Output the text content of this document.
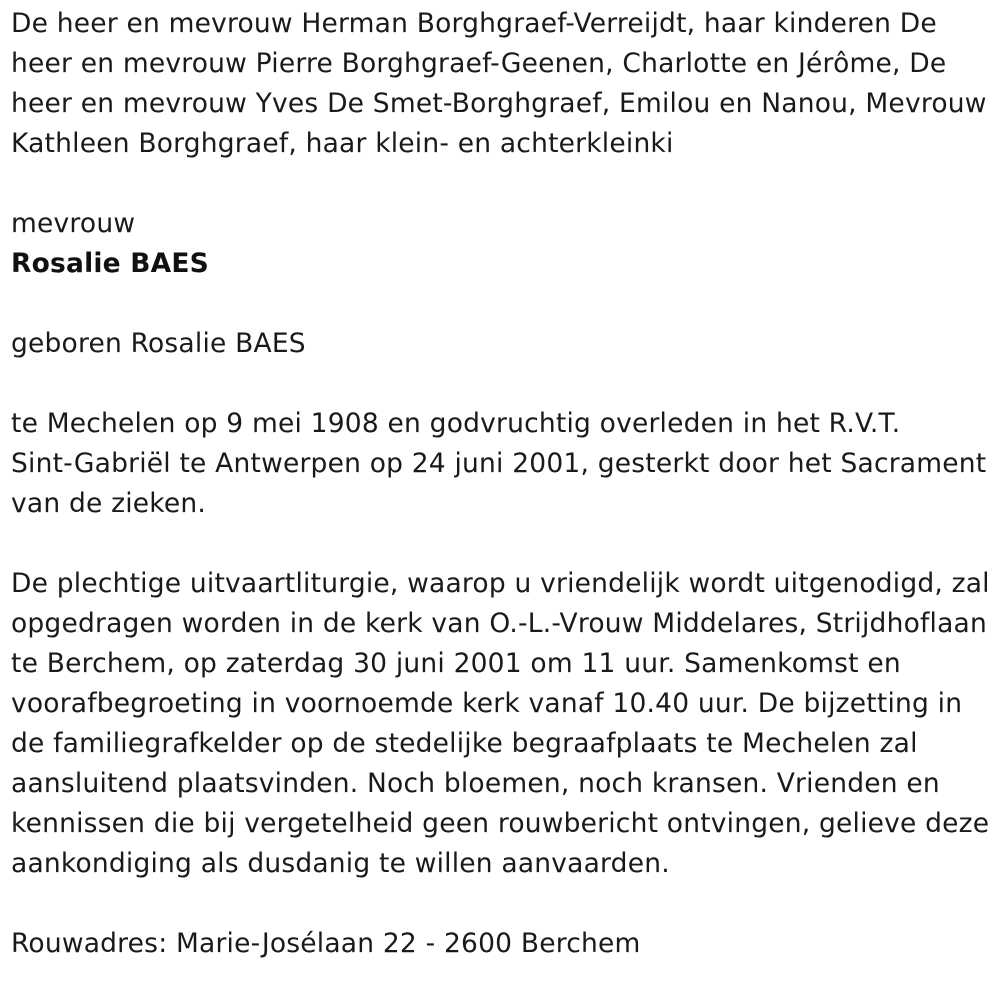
De heer en mevrouw Herman Borghgraef-Verreijdt, haar kinderen De
heer en mevrouw Pierre Borghgraef-Geenen, Charlotte en Jérôme, De
heer en mevrouw Yves De Smet-Borghgraef, Emilou en Nanou, Mevrouw
Kathleen Borghgraef, haar klein- en achterkleinki
mevrouw
Rosalie BAES
geboren Rosalie BAES
te Mechelen op 9 mei 1908 en godvruchtig overleden in het R.V.T.
Sint-Gabriël te Antwerpen op 24 juni 2001, gesterkt door het Sacrament
van de zieken.
De plechtige uitvaartliturgie, waarop u vriendelijk wordt uitgenodigd, zal
opgedragen worden in de kerk van O.-L.-Vrouw Middelares, Strijdhoflaan
te Berchem, op zaterdag 30 juni 2001 om 11 uur. Samenkomst en
voorafbegroeting in voornoemde kerk vanaf 10.40 uur. De bijzetting in
de familiegrafkelder op de stedelijke begraafplaats te Mechelen zal
aansluitend plaatsvinden. Noch bloemen, noch kransen. Vrienden en
kennissen die bij vergetelheid geen rouwbericht ontvingen, gelieve deze
aankondiging als dusdanig te willen aanvaarden.
Rouwadres: Marie-Josélaan 22 - 2600 Berchem
